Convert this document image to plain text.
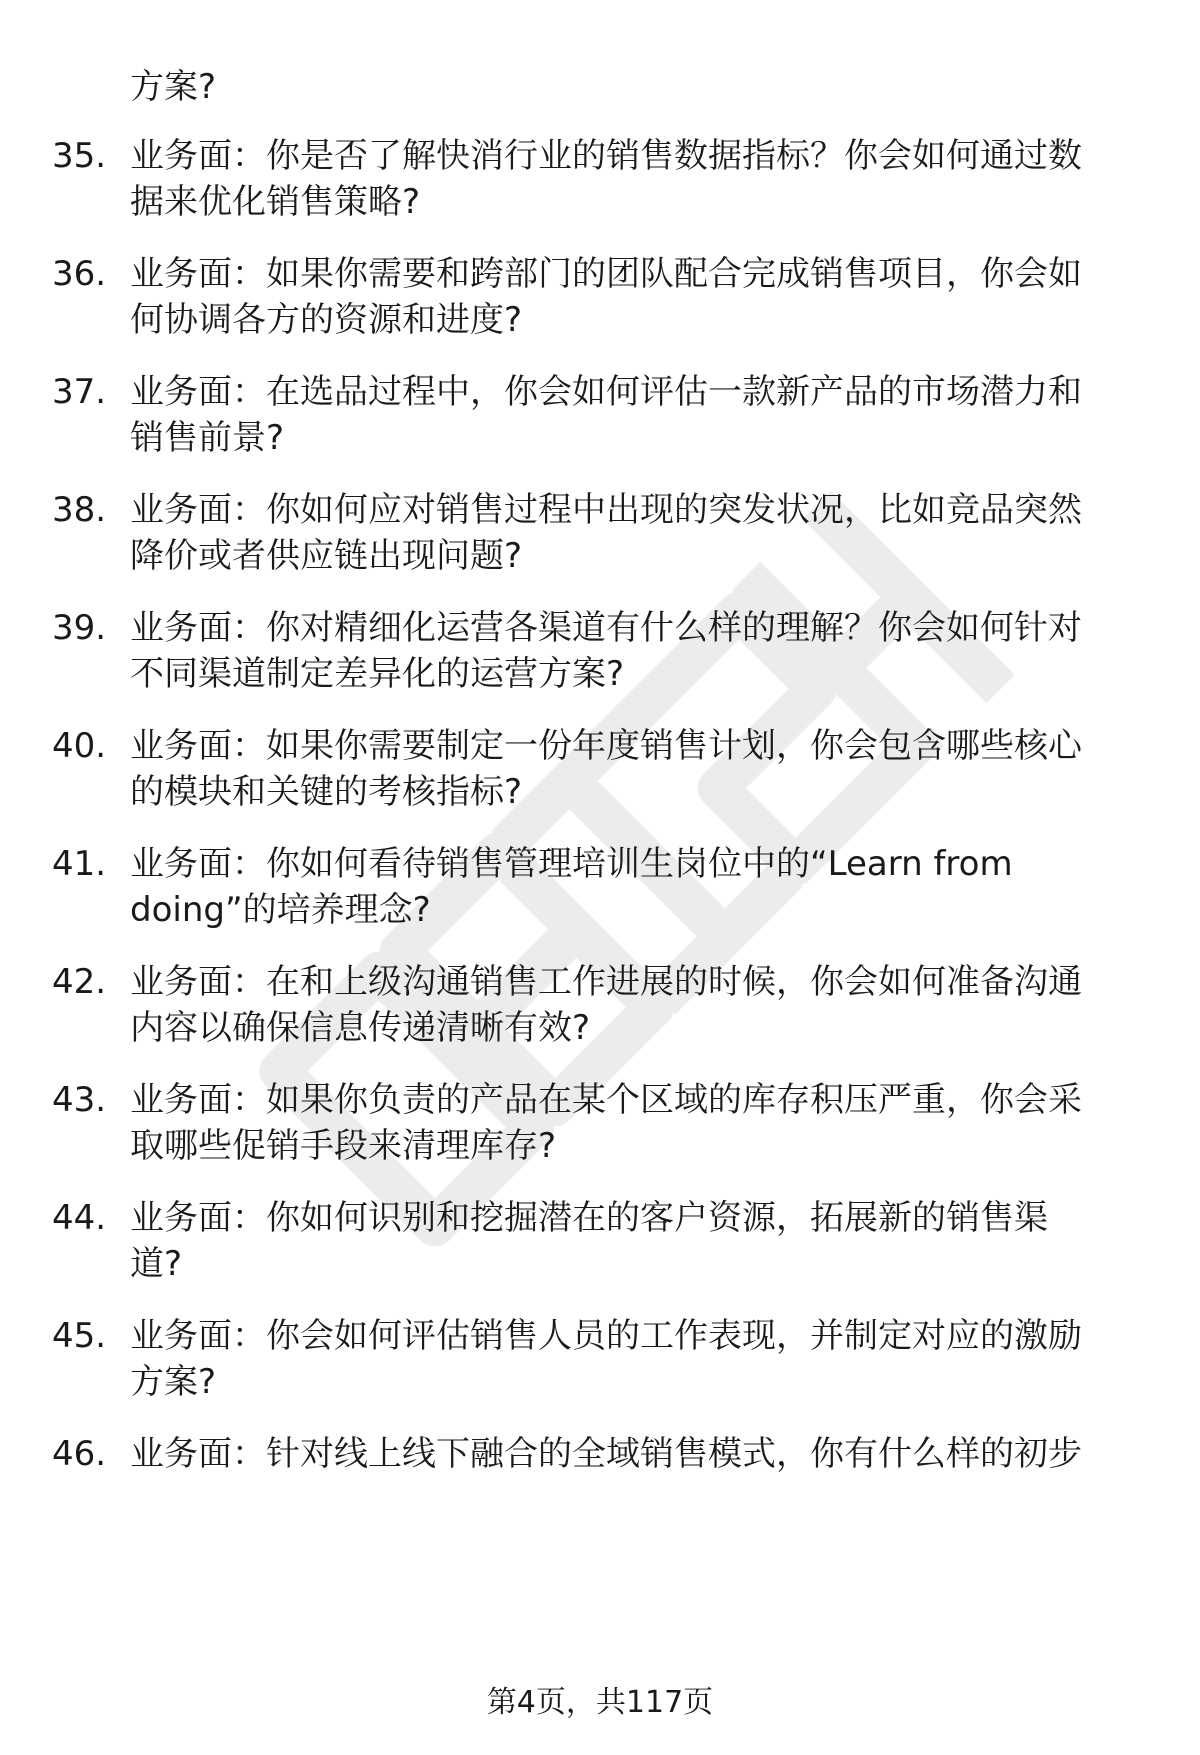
方案?
35. 业务面：你是否了解快消行业的销售数据指标？你会如何通过数
据来优化销售策略?
36. 业务面：如果你需要和跨部门的团队配合完成销售项目，你会如
何协调各方的资源和进度?
37. 业务面：在选品过程中，你会如何评估一款新产品的市场潜力和
销售前景?
38. 业务面：你如何应对销售过程中出现的突发状况，比如竞品突然
降价或者供应链出现问题?
39. 业务面：你对精细化运营各渠道有什么样的理解？你会如何针对
不同渠道制定差异化的运营方案?
40. 业务面：如果你需要制定一份年度销售计划，你会包含哪些核心
的模块和关键的考核指标?
41. 业务面：你如何看待销售管理培训生岗位中的“Learn from
doing”的培养理念?
42. 业务面：在和上级沟通销售工作进展的时候，你会如何准备沟通
内容以确保信息传递清晰有效?
43. 业务面：如果你负责的产品在某个区域的库存积压严重，你会采
取哪些促销手段来清理库存?
44. 业务面：你如何识别和挖掘潜在的客户资源，拓展新的销售渠
道?
45. 业务面：你会如何评估销售人员的工作表现，并制定对应的激励
方案?
46. 业务面：针对线上线下融合的全域销售模式，你有什么样的初步
第4页，共117页
